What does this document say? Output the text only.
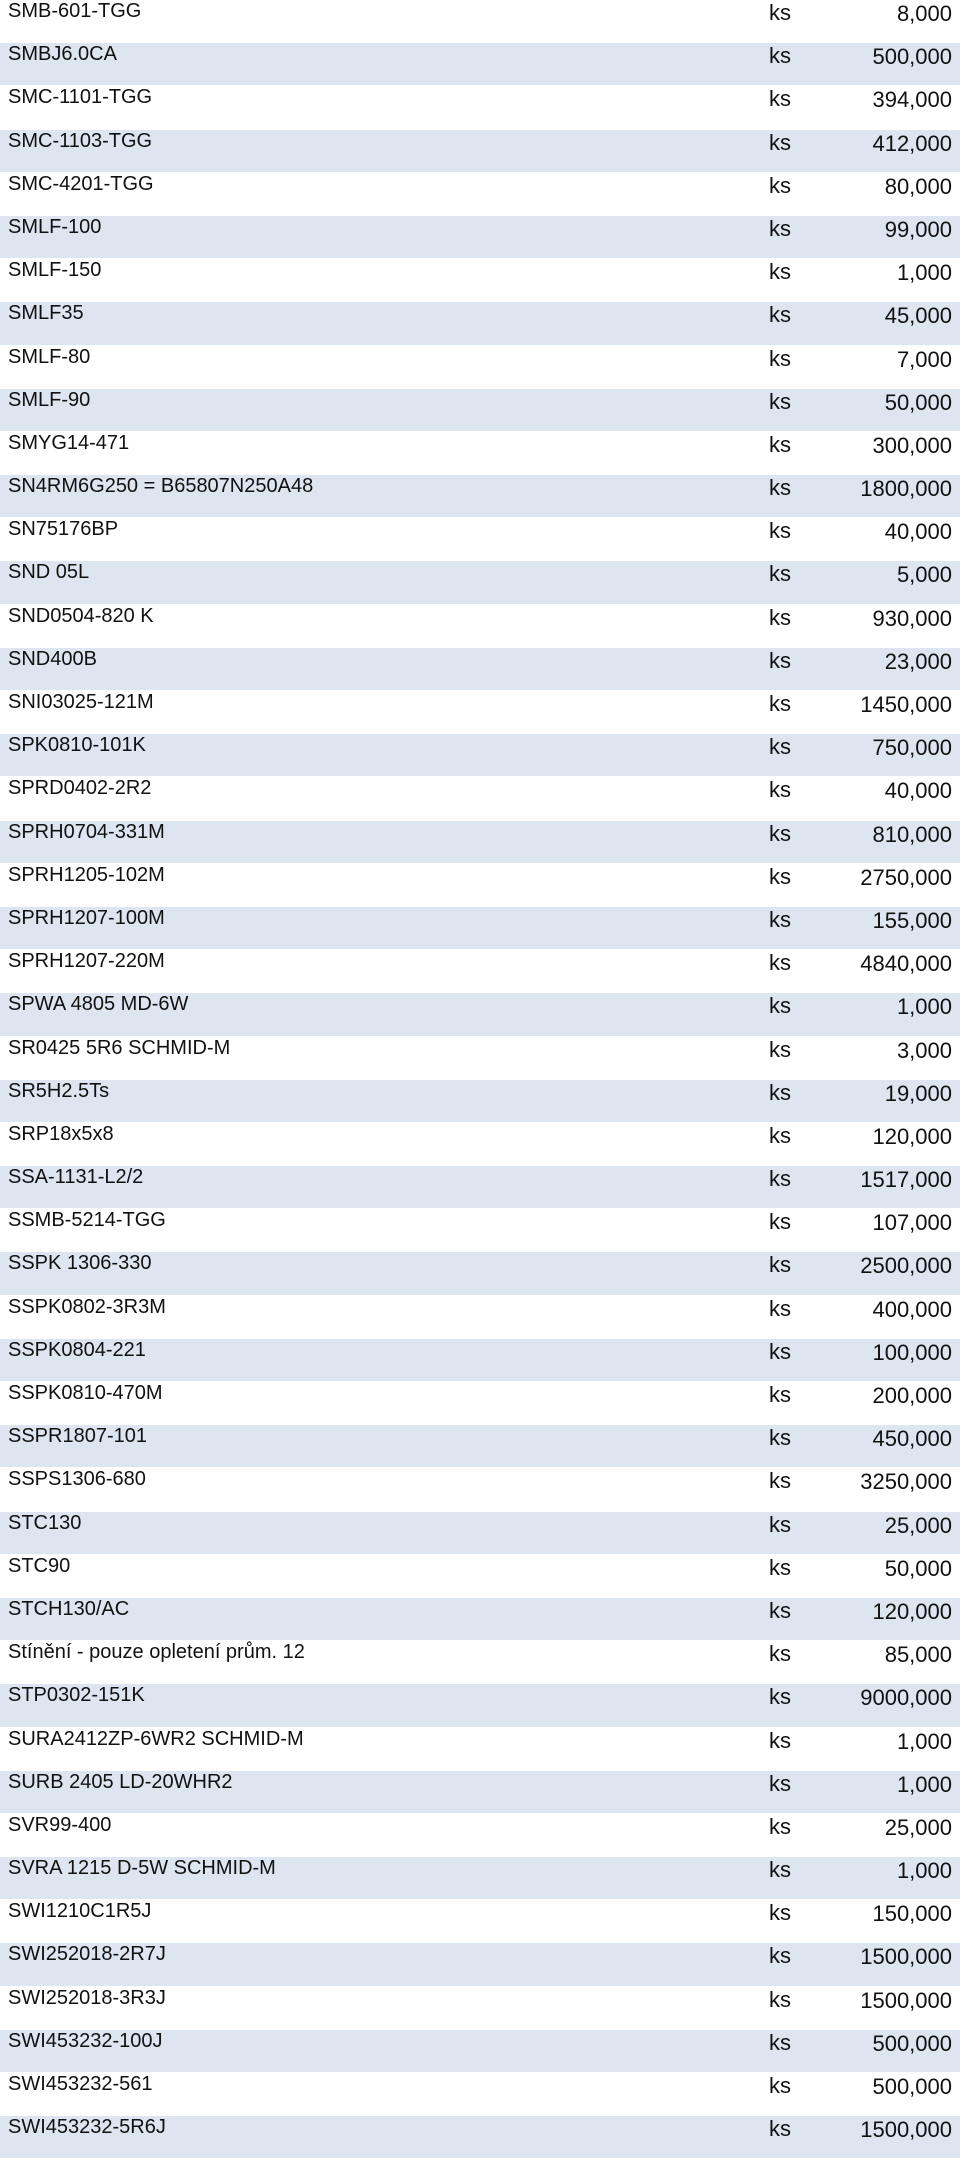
SMB-601-TGG	ks	8,000
SMBJ6.0CA	ks	500,000
SMC-1101-TGG	ks	394,000
SMC-1103-TGG	ks	412,000
SMC-4201-TGG	ks	80,000
SMLF-100	ks	99,000
SMLF-150	ks	1,000
SMLF35	ks	45,000
SMLF-80	ks	7,000
SMLF-90	ks	50,000
SMYG14-471	ks	300,000
SN4RM6G250 = B65807N250A48	ks	1800,000
SN75176BP	ks	40,000
SND 05L	ks	5,000
SND0504-820 K	ks	930,000
SND400B	ks	23,000
SNI03025-121M	ks	1450,000
SPK0810-101K	ks	750,000
SPRD0402-2R2	ks	40,000
SPRH0704-331M	ks	810,000
SPRH1205-102M	ks	2750,000
SPRH1207-100M	ks	155,000
SPRH1207-220M	ks	4840,000
SPWA 4805 MD-6W	ks	1,000
SR0425 5R6 SCHMID-M	ks	3,000
SR5H2.5Ts	ks	19,000
SRP18x5x8	ks	120,000
SSA-1131-L2/2	ks	1517,000
SSMB-5214-TGG	ks	107,000
SSPK 1306-330	ks	2500,000
SSPK0802-3R3M	ks	400,000
SSPK0804-221	ks	100,000
SSPK0810-470M	ks	200,000
SSPR1807-101	ks	450,000
SSPS1306-680	ks	3250,000
STC130	ks	25,000
STC90	ks	50,000
STCH130/AC	ks	120,000
Stínění - pouze opletení prům. 12	ks	85,000
STP0302-151K	ks	9000,000
SURA2412ZP-6WR2 SCHMID-M	ks	1,000
SURB 2405 LD-20WHR2	ks	1,000
SVR99-400	ks	25,000
SVRA 1215 D-5W SCHMID-M	ks	1,000
SWI1210C1R5J	ks	150,000
SWI252018-2R7J	ks	1500,000
SWI252018-3R3J	ks	1500,000
SWI453232-100J	ks	500,000
SWI453232-561	ks	500,000
SWI453232-5R6J	ks	1500,000
